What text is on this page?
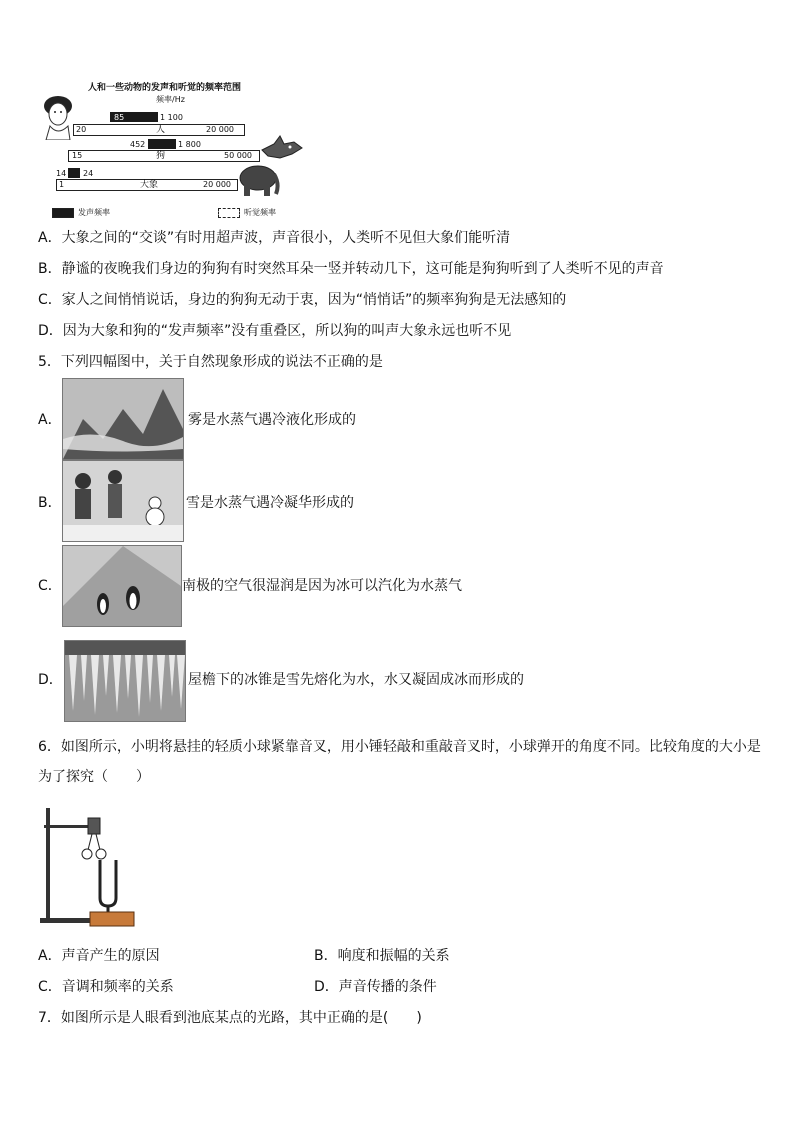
人和一些动物的发声和听觉的频率范围
频率/Hz
85	1 100
20	人	20 000
452	1 800
15	狗	50 000
14 24
1	大象	20 000
发声频率	听觉频率
A．大象之间的“交谈”有时用超声波，声音很小，人类听不见但大象们能听清
B．静谧的夜晚我们身边的狗狗有时突然耳朵一竖并转动几下，这可能是狗狗听到了人类听不见的声音
C．家人之间悄悄说话，身边的狗狗无动于衷，因为“悄悄话”的频率狗狗是无法感知的
D．因为大象和狗的“发声频率”没有重叠区，所以狗的叫声大象永远也听不见
5．下列四幅图中，关于自然现象形成的说法不正确的是
A．	雾是水蒸气遇冷液化形成的
B．	雪是水蒸气遇冷凝华形成的
C．	南极的空气很湿润是因为冰可以汽化为水蒸气
D．	屋檐下的冰锥是雪先熔化为水，水又凝固成冰而形成的
6．如图所示，小明将悬挂的轻质小球紧靠音叉，用小锤轻敲和重敲音叉时，小球弹开的角度不同。比较角度的大小是
为了探究（　　）
A．声音产生的原因	B．响度和振幅的关系
C．音调和频率的关系	D．声音传播的条件
7．如图所示是人眼看到池底某点的光路，其中正确的是(　　)
